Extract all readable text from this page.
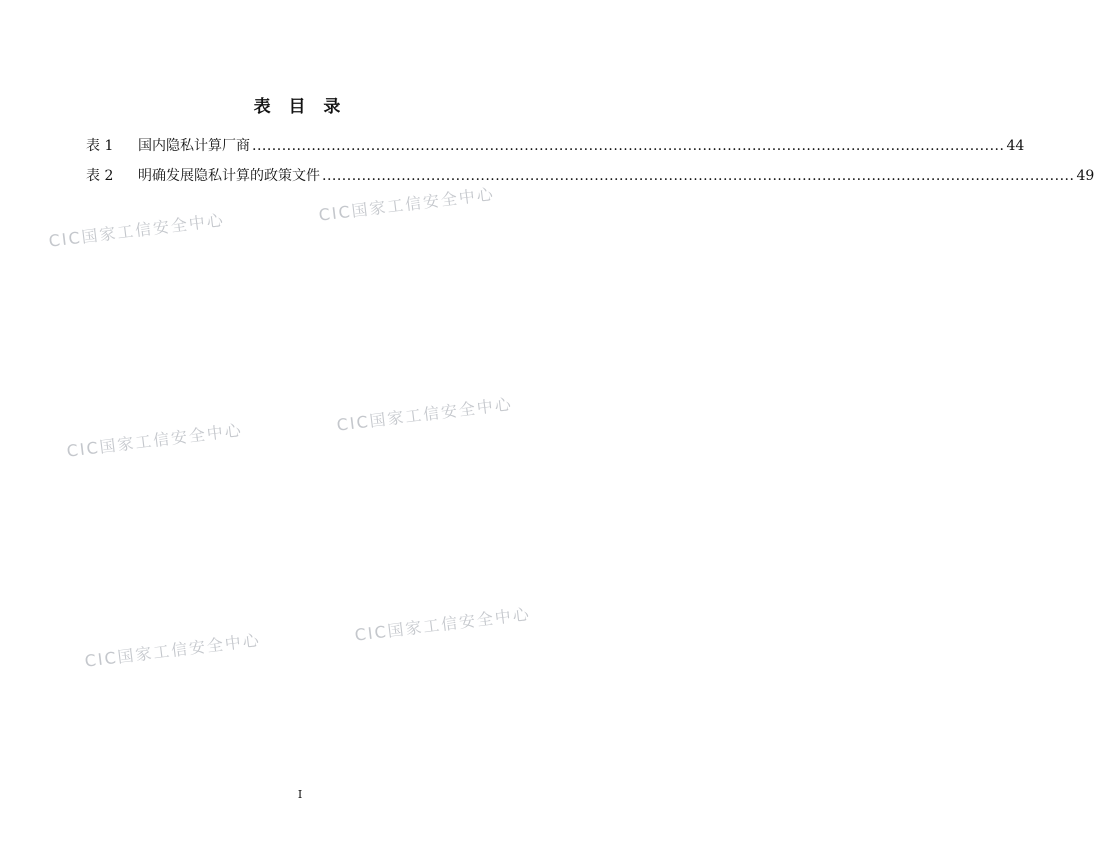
CIC国家工信安全中心
CIC国家工信安全中心
CIC国家工信安全中心
CIC国家工信安全中心
CIC国家工信安全中心
CIC国家工信安全中心
表 目 录
表 1	国内隐私计算厂商 ........................................................................................................................................................ 44
表 2	明确发展隐私计算的政策文件 ........................................................................................................................................................ 49
I
